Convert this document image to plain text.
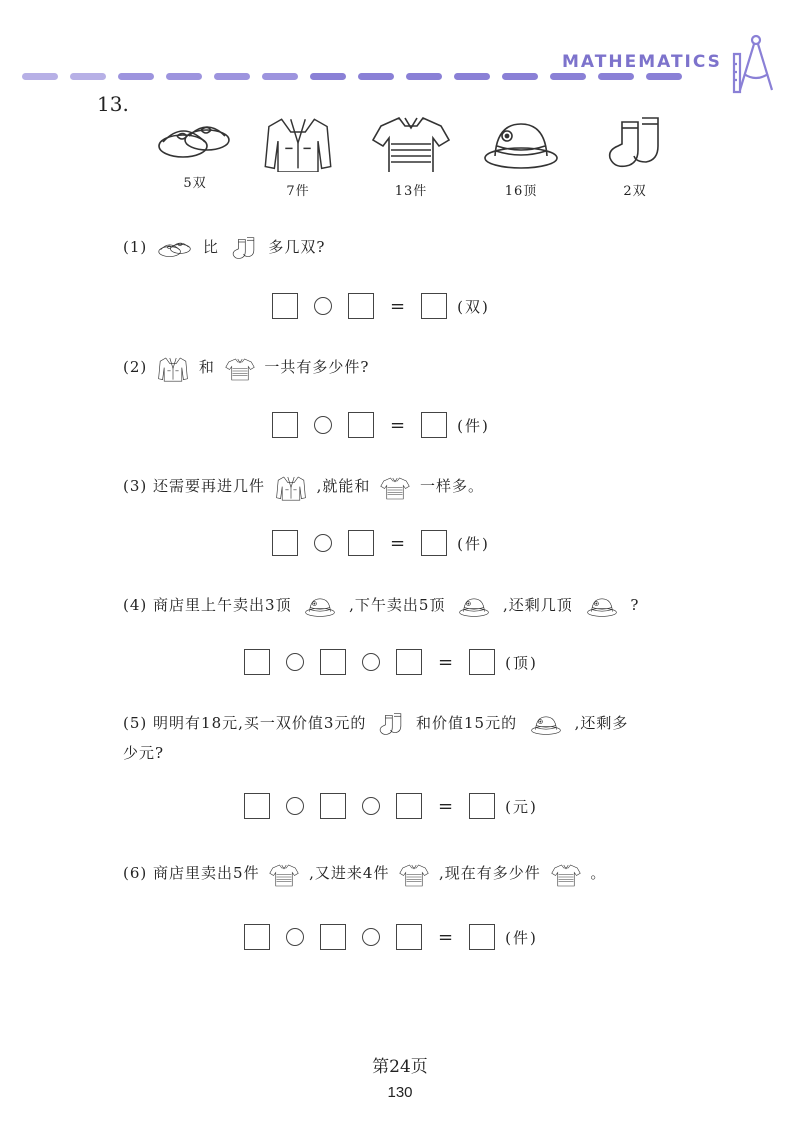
MATHEMATICS
13.
5双
7件	13件	16顶	2双
(1)	比	多几双?
=	(双)
(2)	和	一共有多少件?
=	(件)
(3) 还需要再进几件	,就能和	一样多。
=	(件)
(4) 商店里上午卖出3顶	,下午卖出5顶	,还剩几顶	?
=	(顶)
(5) 明明有18元,买一双价值3元的	和价值15元的	,还剩多
少元?
=	(元)
(6) 商店里卖出5件	,又进来4件	,现在有多少件	。
=	(件)
第24页
130
